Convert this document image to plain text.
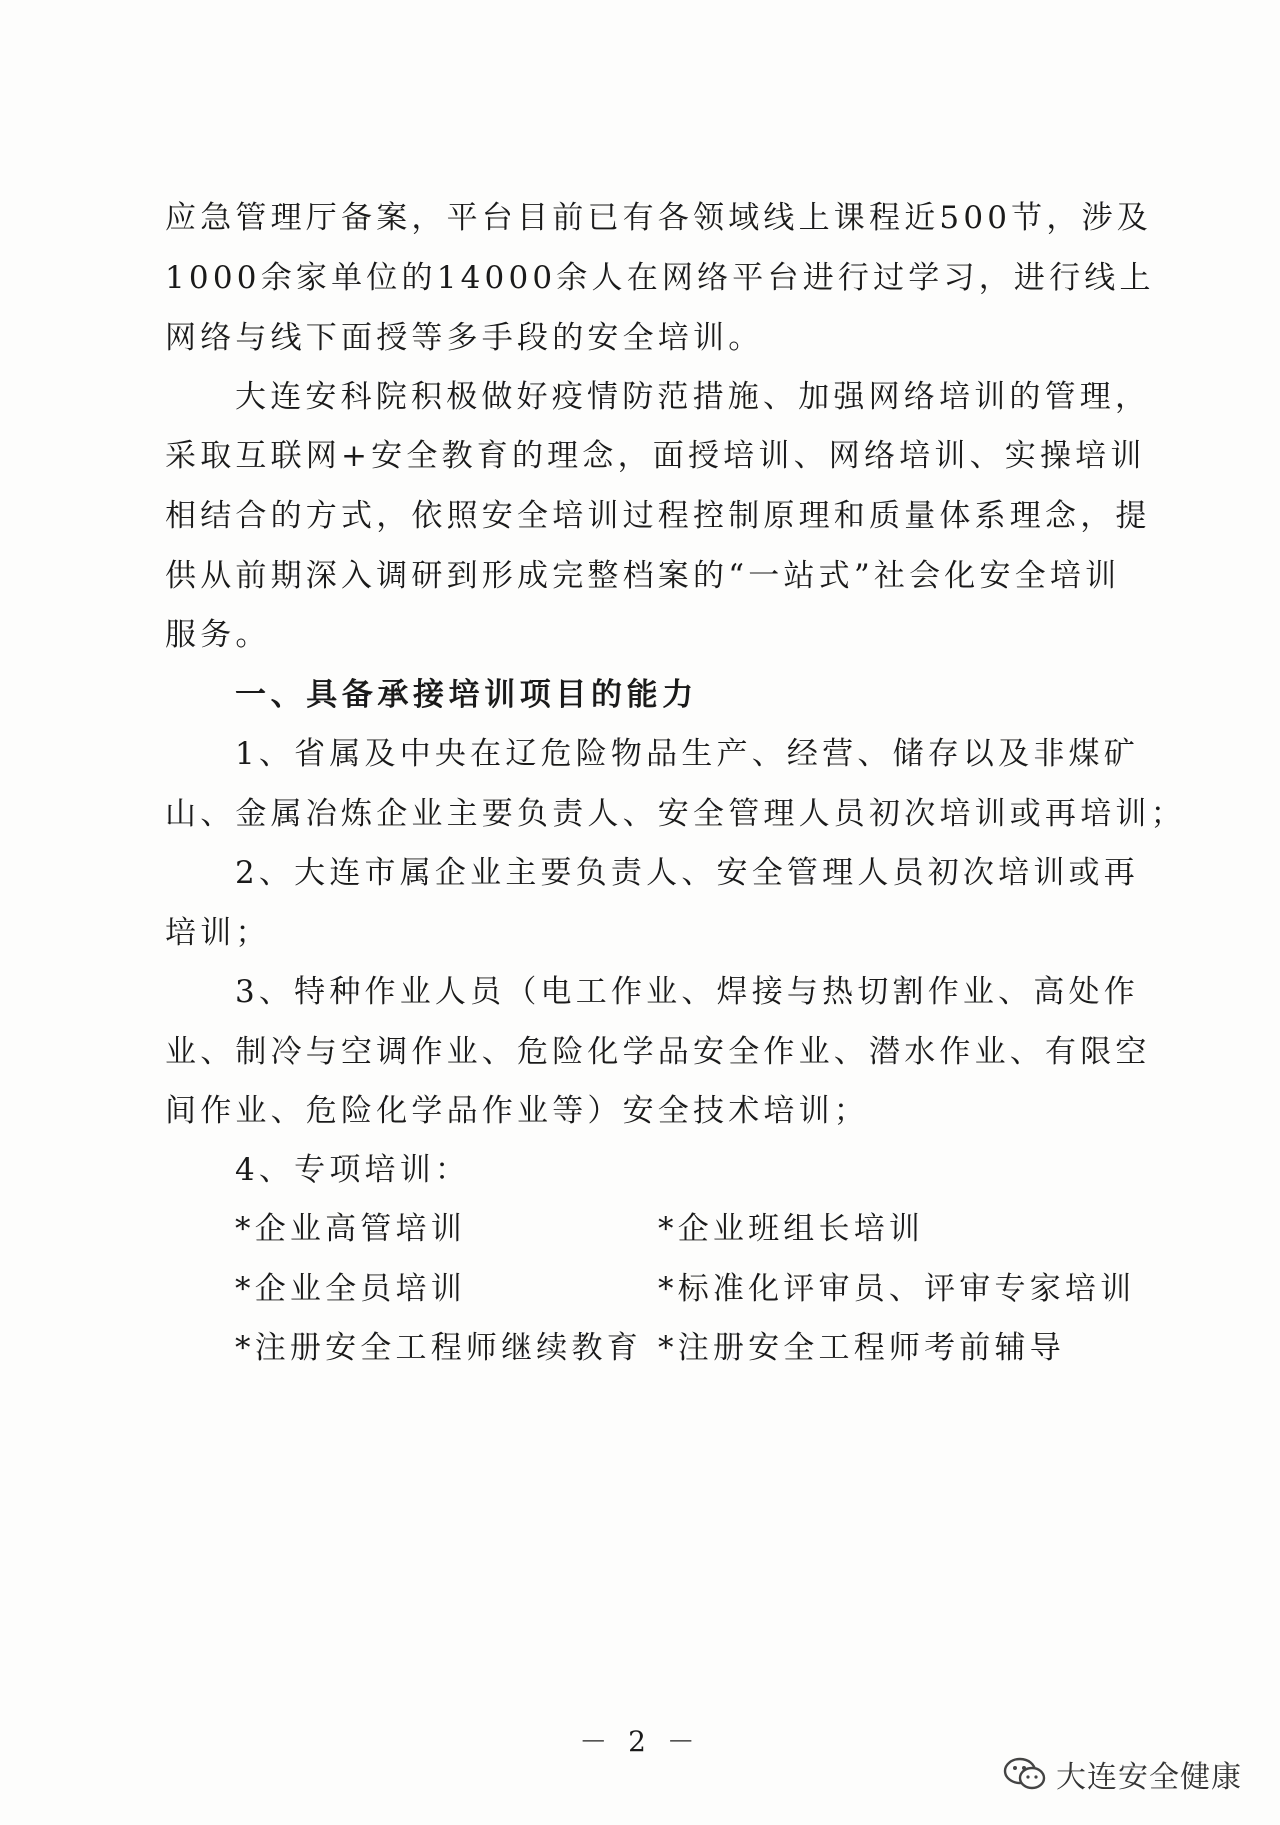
应急管理厅备案，平台目前已有各领域线上课程近500节，涉及
1000余家单位的14000余人在网络平台进行过学习，进行线上
网络与线下面授等多手段的安全培训。
大连安科院积极做好疫情防范措施、加强网络培训的管理，
采取互联网+安全教育的理念，面授培训、网络培训、实操培训
相结合的方式，依照安全培训过程控制原理和质量体系理念，提
供从前期深入调研到形成完整档案的“一站式”社会化安全培训
服务。
一、具备承接培训项目的能力
1、省属及中央在辽危险物品生产、经营、储存以及非煤矿
山、金属冶炼企业主要负责人、安全管理人员初次培训或再培训；
2、大连市属企业主要负责人、安全管理人员初次培训或再
培训；
3、特种作业人员（电工作业、焊接与热切割作业、高处作
业、制冷与空调作业、危险化学品安全作业、潜水作业、有限空
间作业、危险化学品作业等）安全技术培训；
4、专项培训：
*企业高管培训	*企业班组长培训
*企业全员培训	*标准化评审员、评审专家培训
*注册安全工程师继续教育 *注册安全工程师考前辅导
－ 2 －
大连安全健康
